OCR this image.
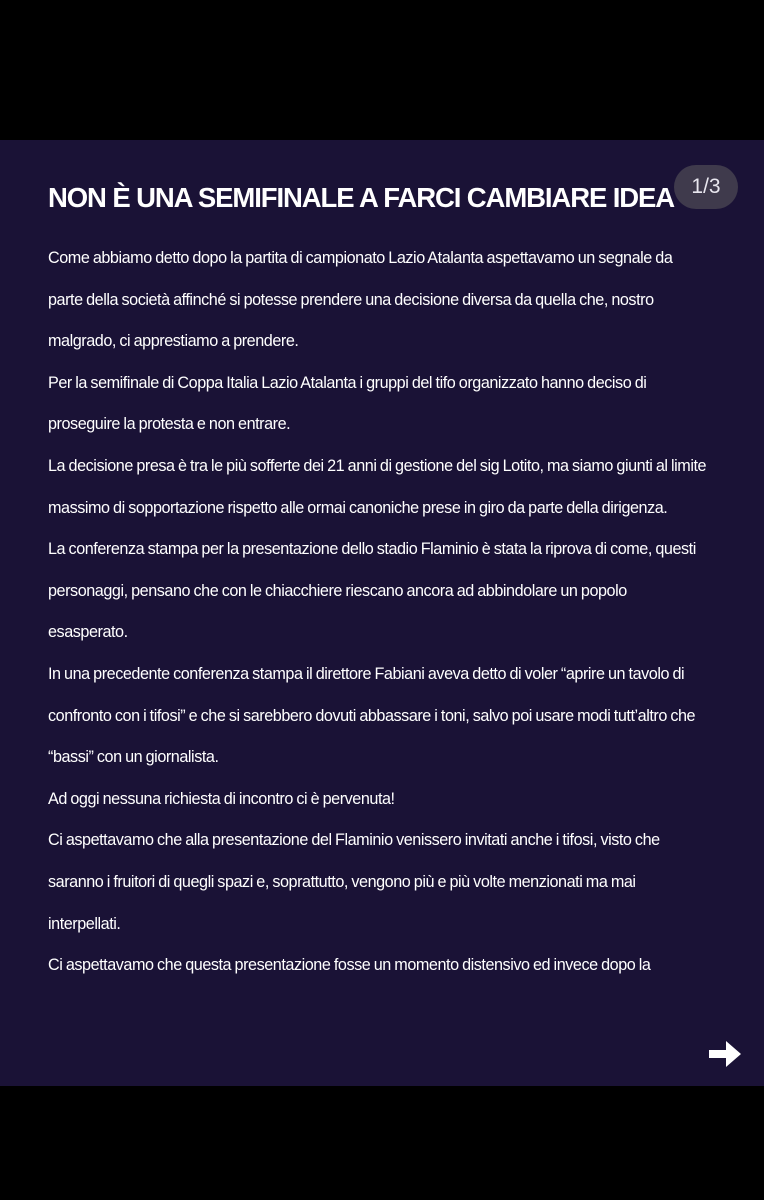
NON È UNA SEMIFINALE A FARCI CAMBIARE IDEA 1/3

Come abbiamo detto dopo la partita di campionato Lazio Atalanta aspettavamo un segnale da parte della società affinché si potesse prendere una decisione diversa da quella che, nostro malgrado, ci apprestiamo a prendere.

Per la semifinale di Coppa Italia Lazio Atalanta i gruppi del tifo organizzato hanno deciso di proseguire la protesta e non entrare.

La decisione presa è tra le più sofferte dei 21 anni di gestione del sig Lotito, ma siamo giunti al limite massimo di sopportazione rispetto alle ormai canoniche prese in giro da parte della dirigenza.

La conferenza stampa per la presentazione dello stadio Flaminio è stata la riprova di come, questi personaggi, pensano che con le chiacchiere riescano ancora ad abbindolare un popolo esasperato.

In una precedente conferenza stampa il direttore Fabiani aveva detto di voler “aprire un tavolo di confronto con i tifosi” e che si sarebbero dovuti abbassare i toni, salvo poi usare modi tutt’altro che “bassi” con un giornalista.

Ad oggi nessuna richiesta di incontro ci è pervenuta!

Ci aspettavamo che alla presentazione del Flaminio venissero invitati anche i tifosi, visto che saranno i fruitori di quegli spazi e, soprattutto, vengono più e più volte menzionati ma mai interpellati.

Ci aspettavamo che questa presentazione fosse un momento distensivo ed invece dopo la
